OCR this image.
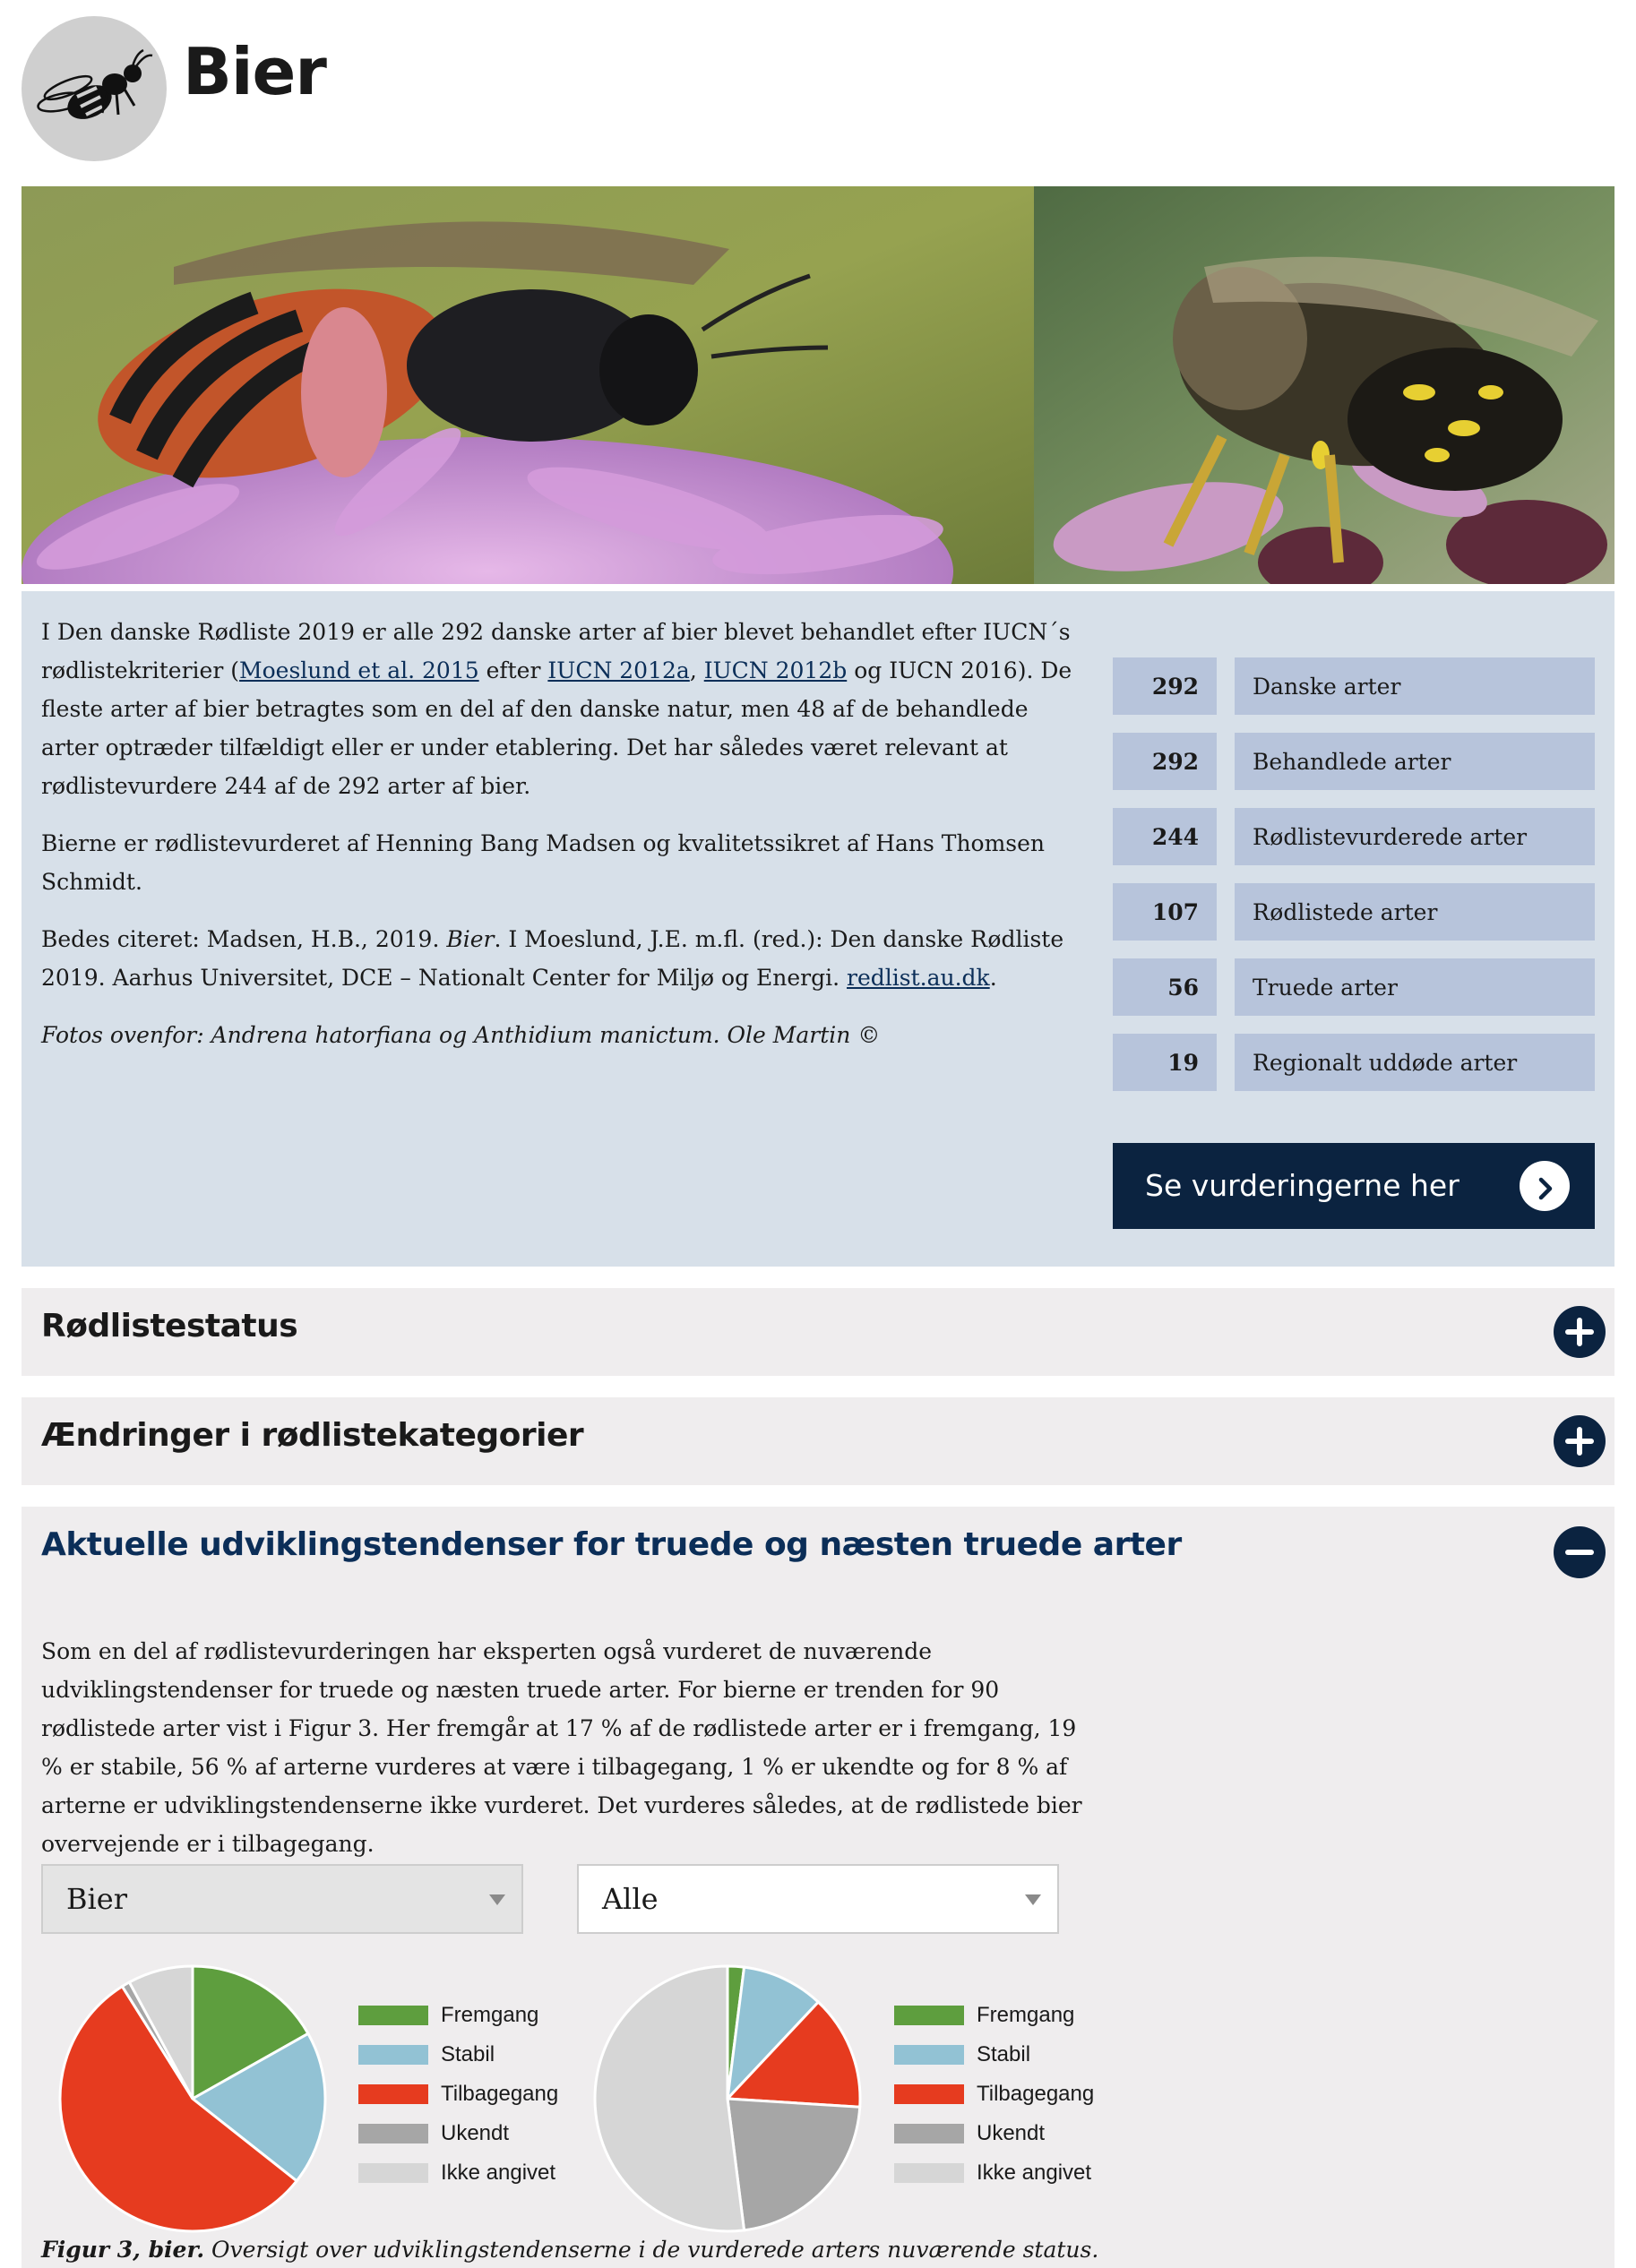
Bier

I Den danske Rødliste 2019 er alle 292 danske arter af bier blevet behandlet efter IUCN´s rødlistekriterier (Moeslund et al. 2015 efter IUCN 2012a, IUCN 2012b og IUCN 2016). De fleste arter af bier betragtes som en del af den danske natur, men 48 af de behandlede arter optræder tilfældigt eller er under etablering. Det har således været relevant at rødlistevurdere 244 af de 292 arter af bier.

Bierne er rødlistevurderet af Henning Bang Madsen og kvalitetssikret af Hans Thomsen Schmidt.

Bedes citeret: Madsen, H.B., 2019. Bier. I Moeslund, J.E. m.fl. (red.): Den danske Rødliste 2019. Aarhus Universitet, DCE – Nationalt Center for Miljø og Energi. redlist.au.dk.

Fotos ovenfor: Andrena hatorfiana og Anthidium manictum. Ole Martin ©

292	Danske arter
292	Behandlede arter
244	Rødlistevurderede arter
107	Rødlistede arter
56	Truede arter
19	Regionalt uddøde arter
Se vurderingerne her
Rødlistestatus
Ændringer i rødlistekategorier
Aktuelle udviklingstendenser for truede og næsten truede arter

Som en del af rødlistevurderingen har eksperten også vurderet de nuværende udviklingstendenser for truede og næsten truede arter. For bierne er trenden for 90 rødlistede arter vist i Figur 3. Her fremgår at 17 % af de rødlistede arter er i fremgang, 19 % er stabile, 56 % af arterne vurderes at være i tilbagegang, 1 % er ukendte og for 8 % af arterne er udviklingstendenserne ikke vurderet. Det vurderes således, at de rødlistede bier overvejende er i tilbagegang.

Bier	Alle
Fremgang
Stabil
Tilbagegang
Ukendt
Ikke angivet
Fremgang
Stabil
Tilbagegang
Ukendt
Ikke angivet
Figur 3, bier. Oversigt over udviklingstendenserne i de vurderede arters nuværende status.
